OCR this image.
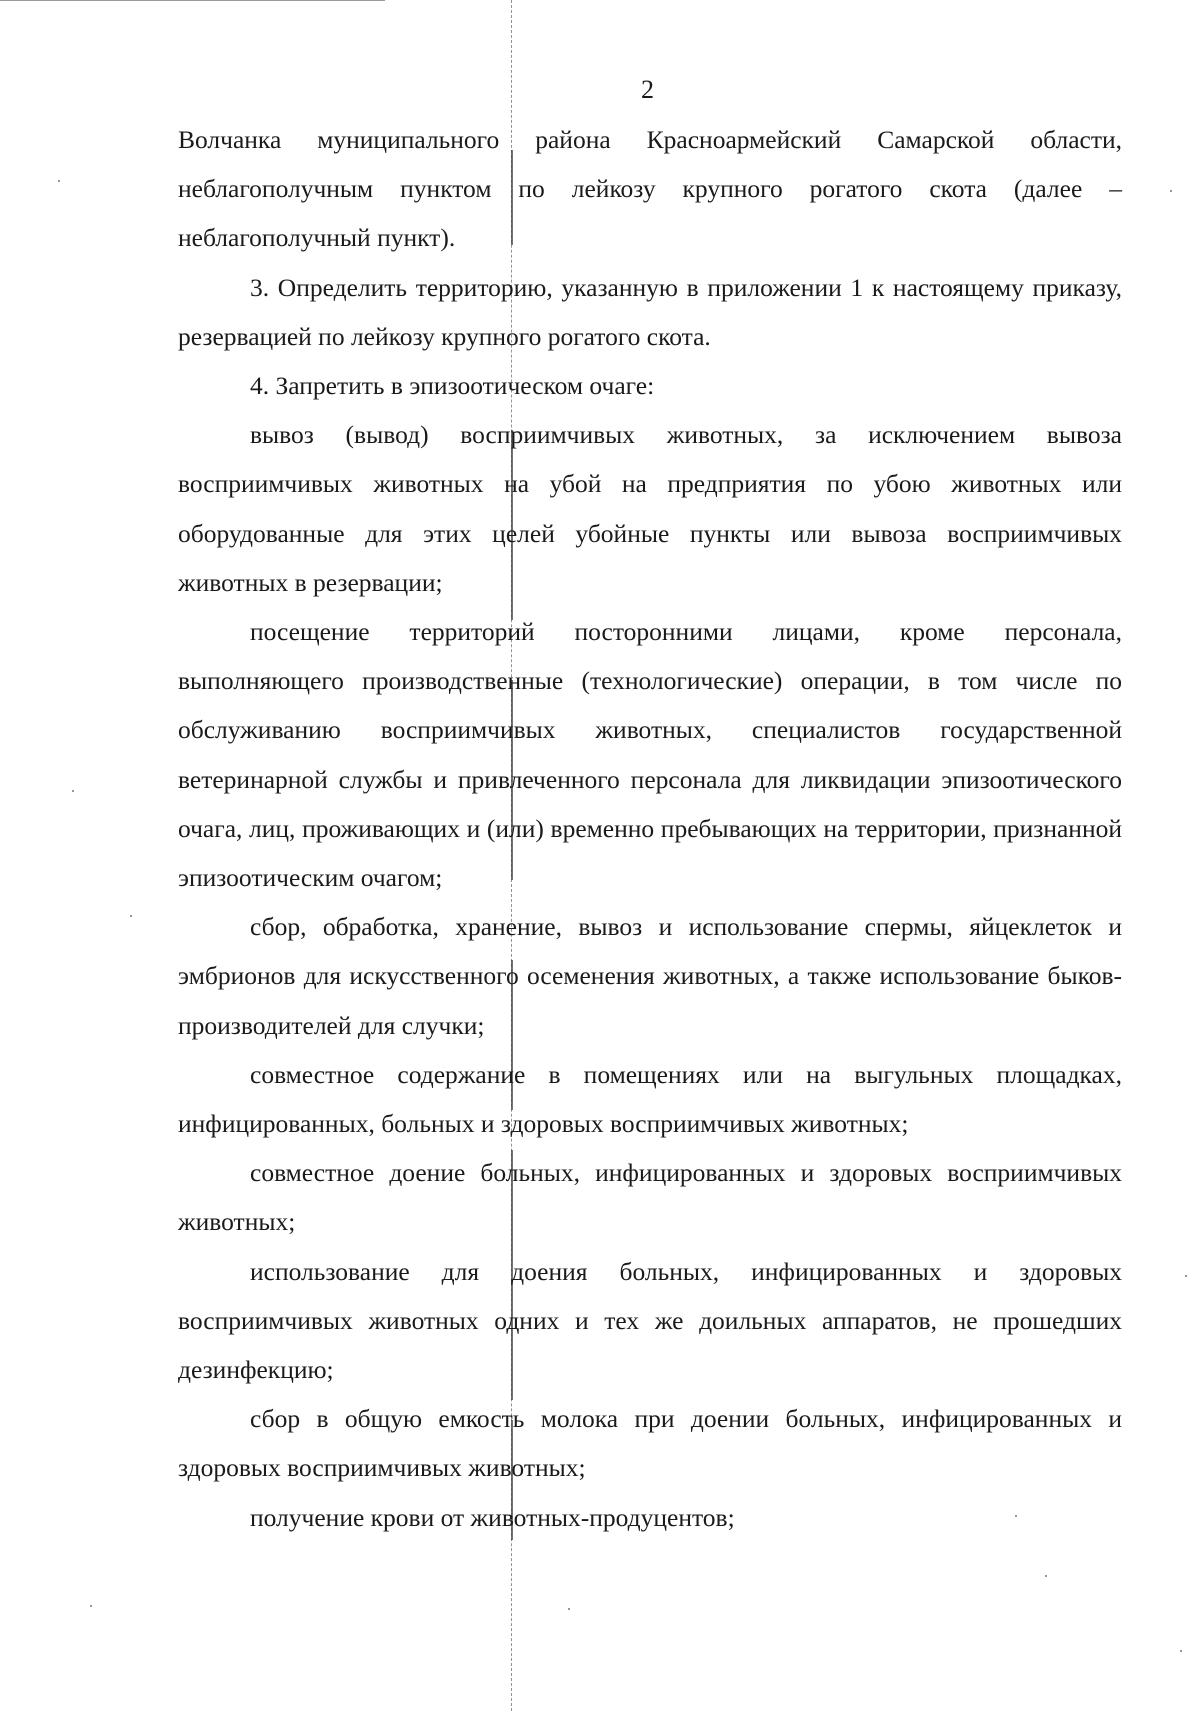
2

Волчанка муниципального района Красноармейский Самарской области, неблагополучным пунктом по лейкозу крупного рогатого скота (далее – неблагополучный пункт).

3. Определить территорию, указанную в приложении 1 к настоящему приказу, резервацией по лейкозу крупного рогатого скота.

4. Запретить в эпизоотическом очаге:

вывоз (вывод) восприимчивых животных, за исключением вывоза восприимчивых животных на убой на предприятия по убою животных или оборудованные для этих целей убойные пункты или вывоза восприимчивых животных в резервации;

посещение территорий посторонними лицами, кроме персонала, выполняющего производственные (технологические) операции, в том числе по обслуживанию восприимчивых животных, специалистов государственной ветеринарной службы и привлеченного персонала для ликвидации эпизоотического очага, лиц, проживающих и (или) временно пребывающих на территории, признанной эпизоотическим очагом;

сбор, обработка, хранение, вывоз и использование спермы, яйцеклеток и эмбрионов для искусственного осеменения животных, а также использование быков-производителей для случки;

совместное содержание в помещениях или на выгульных площадках, инфицированных, больных и здоровых восприимчивых животных;

совместное доение больных, инфицированных и здоровых восприимчивых животных;

использование для доения больных, инфицированных и здоровых восприимчивых животных одних и тех же доильных аппаратов, не прошедших дезинфекцию;

сбор в общую емкость молока при доении больных, инфицированных и здоровых восприимчивых животных;

получение крови от животных-продуцентов;
